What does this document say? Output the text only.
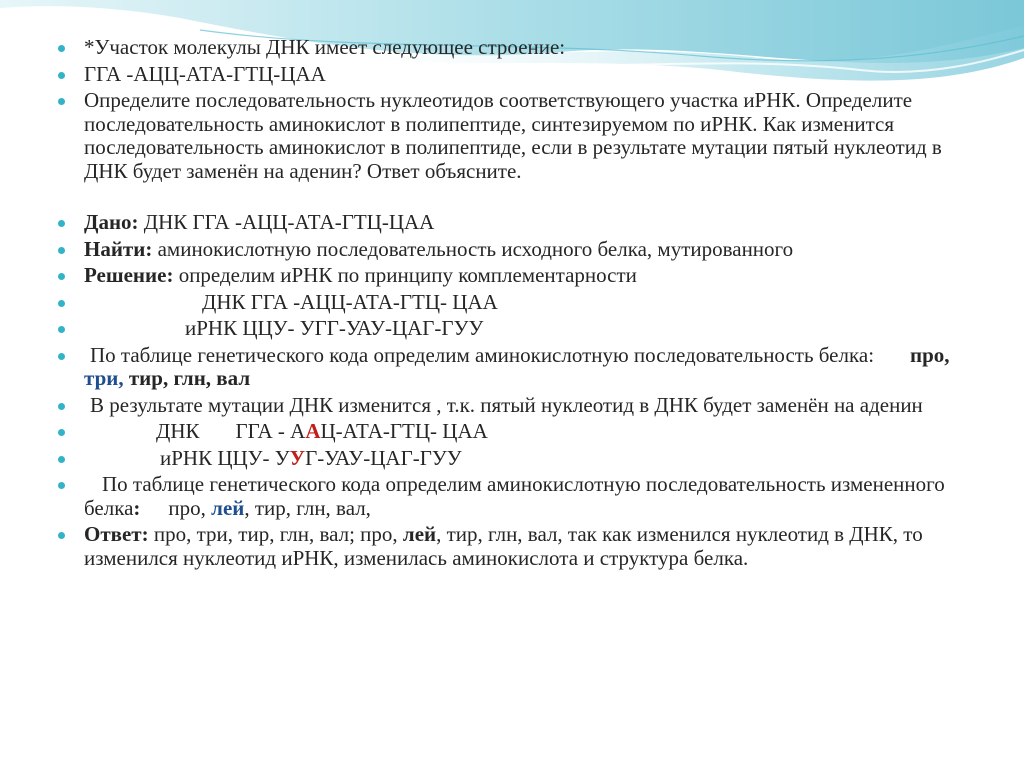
*Участок молекулы ДНК имеет следующее строение:
ГГА -АЦЦ-АТА-ГТЦ-ЦАА
Определите последовательность нуклеотидов соответствующего участка иРНК. Определите последовательность аминокислот в полипептиде, синтезируемом по иРНК. Как изменится последовательность аминокислот в полипептиде, если в результате мутации пятый нуклеотид в ДНК будет заменён на аденин? Ответ объясните.
Дано: ДНК ГГА -АЦЦ-АТА-ГТЦ-ЦАА
Найти: аминокислотную последовательность исходного белка, мутированного
Решение: определим иРНК по принципу комплементарности
ДНК ГГА -АЦЦ-АТА-ГТЦ- ЦАА
иРНК ЦЦУ- УГГ-УАУ-ЦАГ-ГУУ
По таблице генетического кода определим аминокислотную последовательность белка: про, три, тир, глн, вал
В результате мутации ДНК изменится , т.к. пятый нуклеотид в ДНК будет заменён на аденин
ДНК ГГА - ААЦ-АТА-ГТЦ- ЦАА
иРНК ЦЦУ- УУГ-УАУ-ЦАГ-ГУУ
По таблице генетического кода определим аминокислотную последовательность измененного белка: про, лей, тир, глн, вал,
Ответ: про, три, тир, глн, вал; про, лей, тир, глн, вал, так как изменился нуклеотид в ДНК, то изменился нуклеотид иРНК, изменилась аминокислота и структура белка.
